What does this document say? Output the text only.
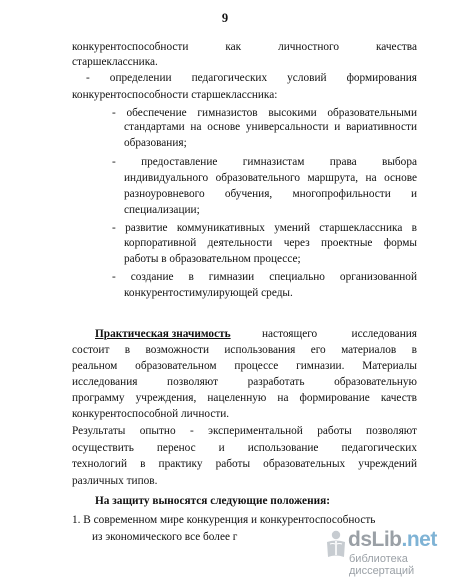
9
конкурентоспособности как личностного качества
старшеклассника.
- определении педагогических условий формирования
конкурентоспособности старшеклассника:
- обеспечение гимназистов высокими образовательными
стандартами на основе универсальности и вариативности
образования;
- предоставление гимназистам права выбора
индивидуального образовательного маршрута, на основе
разноуровневого обучения, многопрофильности и
специализации;
- развитие коммуникативных умений старшеклассника в
корпоративной деятельности через проектные формы
работы в образовательном процессе;
- создание в гимназии специально организованной
конкурентостимулирующей среды.
Практическая значимость	настоящего исследования
состоит в возможности использования его материалов в
реальном образовательном процессе гимназии. Материалы
исследования позволяют разработать образовательную
программу учреждения, нацеленную на формирование качеств
конкурентоспособной личности.
Результаты опытно - экспериментальной работы позволяют
осуществить перенос и использование педагогических
технологий в практику работы образовательных учреждений
различных типов.
На защиту выносятся следующие положения:
1. В современном мире конкуренция и конкурентоспособность
из экономического все более г	dsLib.net
библиотека диссертаций
